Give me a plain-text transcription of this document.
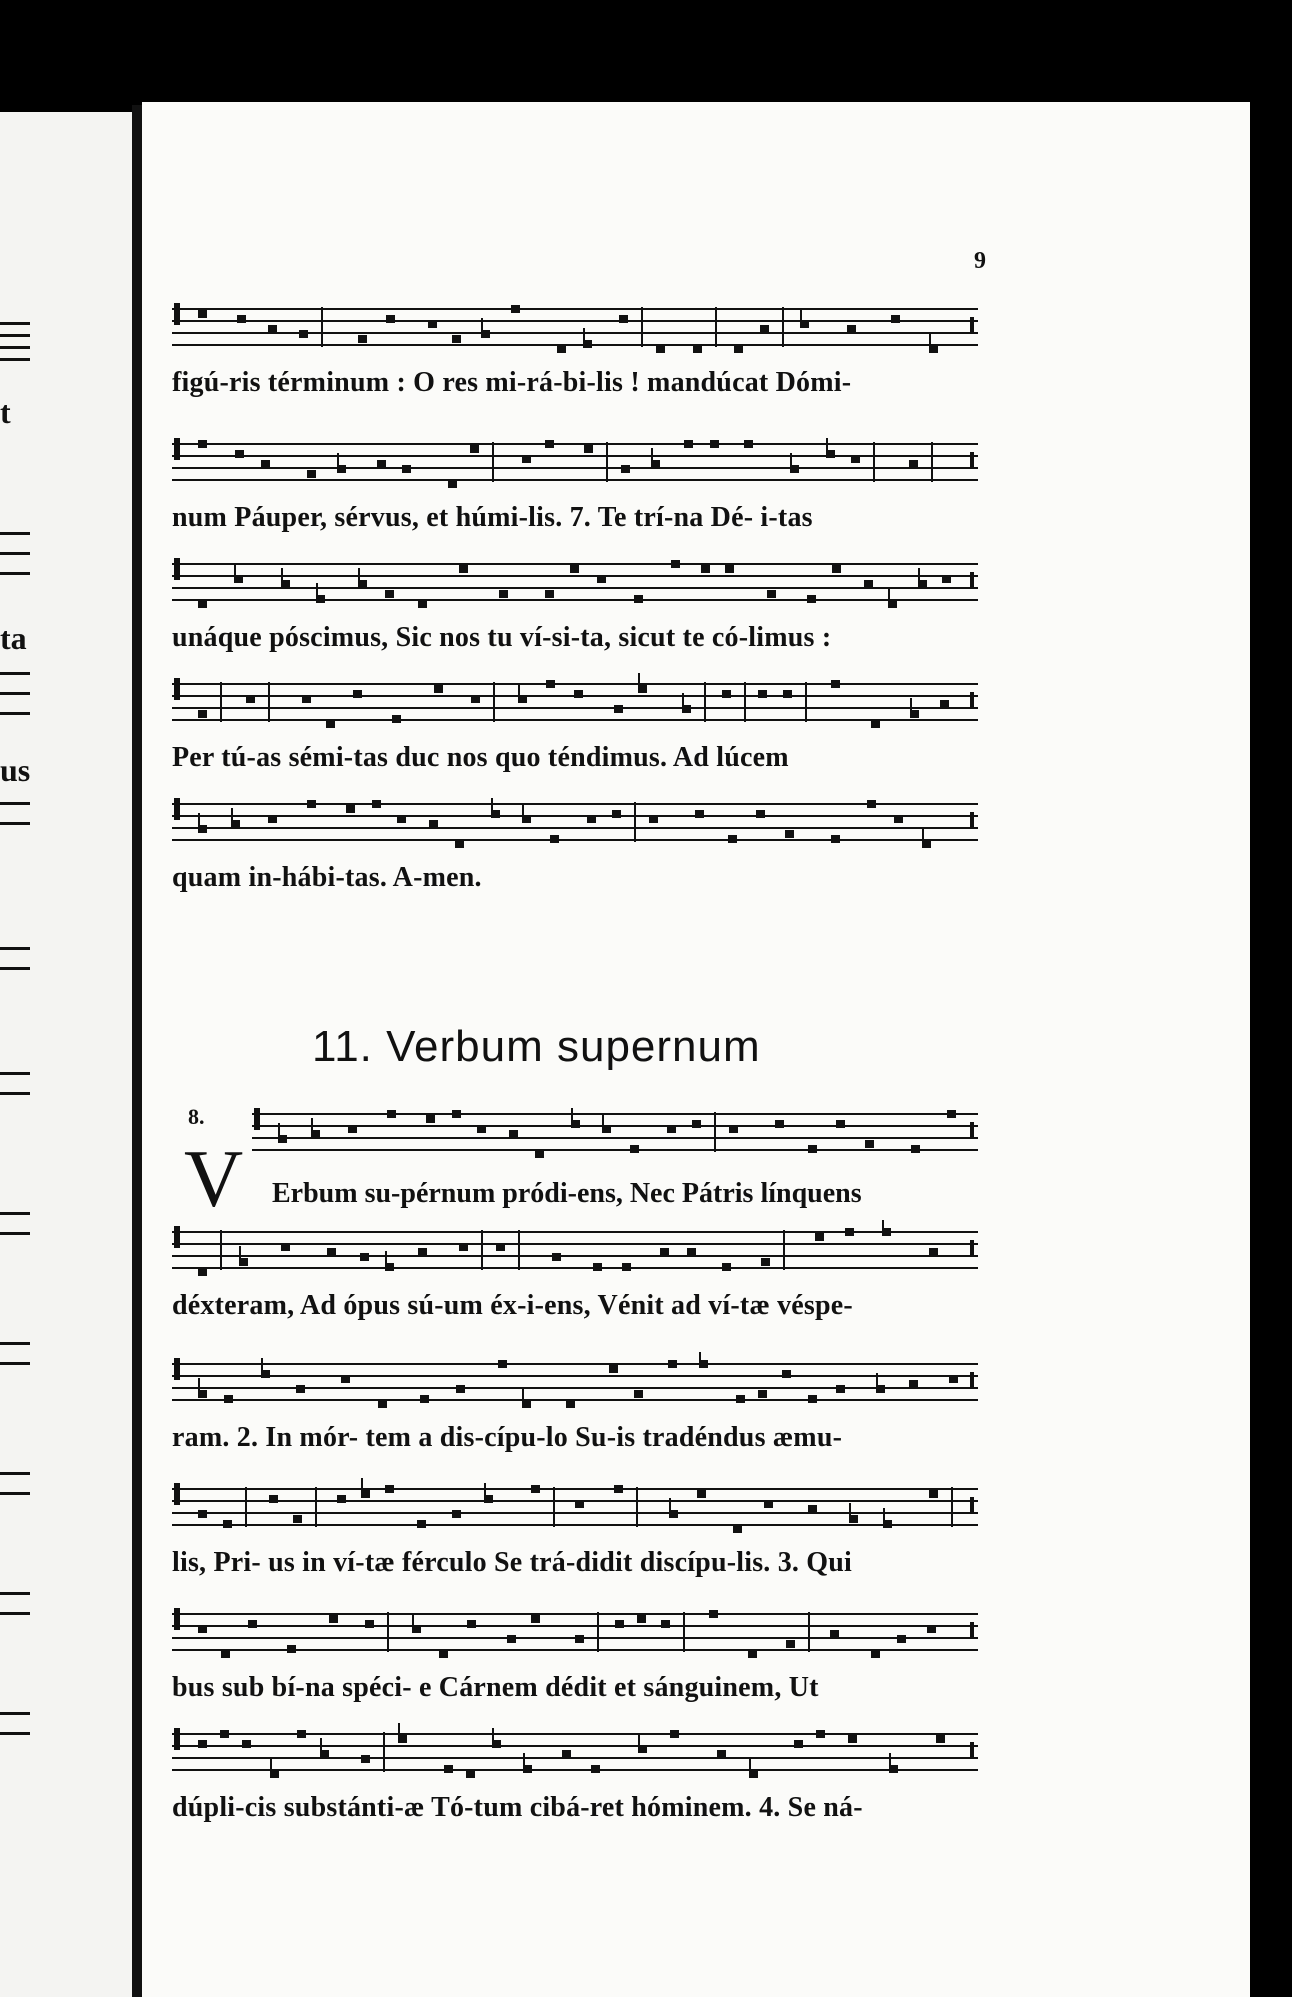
t
ta
us
9
figú-ris términum : O res mi-rá-bi-lis ! mandúcat Dómi-
num Páuper, sérvus, et húmi-lis. 7. Te trí-na Dé- i-tas
unáque póscimus, Sic nos tu ví-si-ta, sicut te có-limus :
Per tú-as sémi-tas duc nos quo téndimus. Ad lúcem
quam in-hábi-tas. A-men.
11. Verbum supernum
8.
V Erbum su-pérnum pródi-ens, Nec Pátris línquens
déxteram, Ad ópus sú-um éx-i-ens, Vénit ad ví-tæ véspe-
ram. 2. In mór- tem a dis-cípu-lo Su-is tradéndus æmu-
lis, Pri- us in ví-tæ férculo Se trá-didit discípu-lis. 3. Qui
bus sub bí-na spéci- e Cárnem dédit et sánguinem, Ut
dúpli-cis substánti-æ Tó-tum cibá-ret hóminem. 4. Se ná-
